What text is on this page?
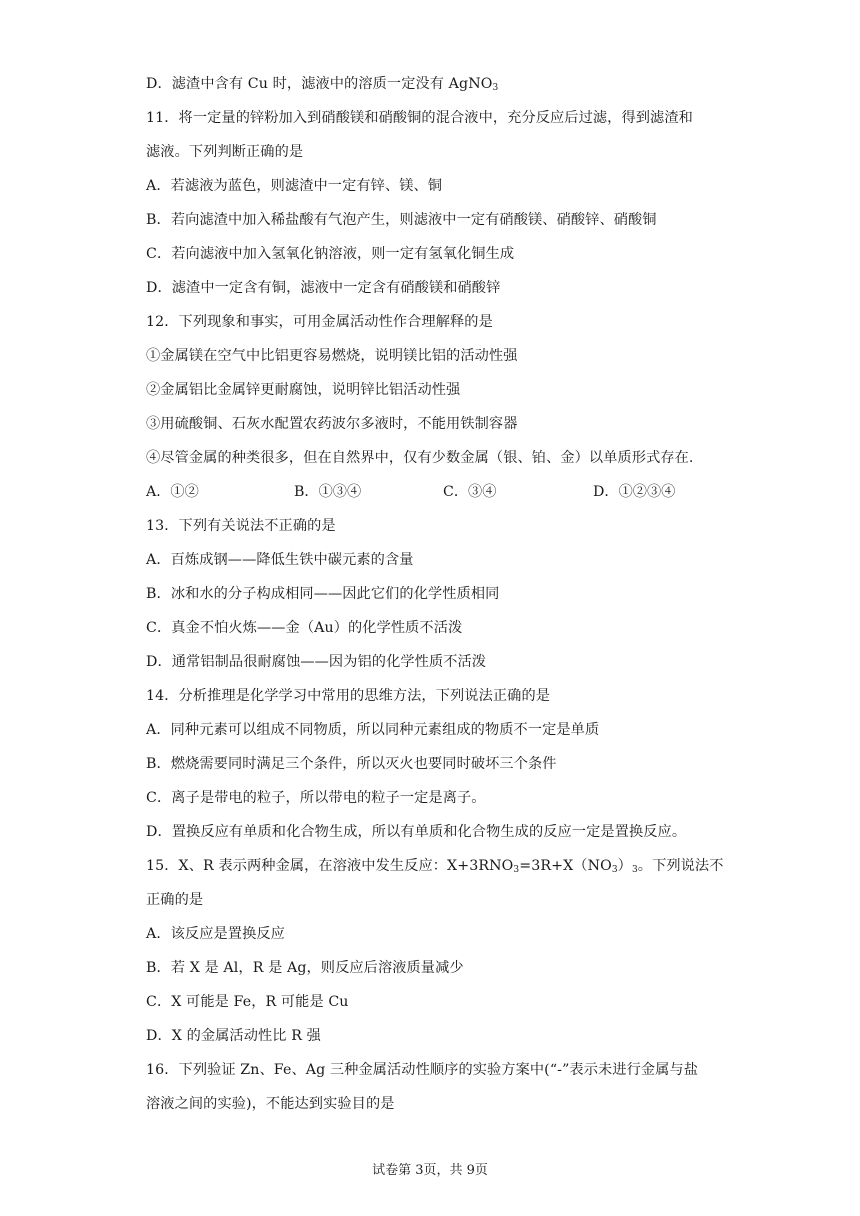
D．滤渣中含有 Cu 时，滤液中的溶质一定没有 AgNO$_3$
11．将一定量的锌粉加入到硝酸镁和硝酸铜的混合液中，充分反应后过滤，得到滤渣和
滤液。下列判断正确的是
A．若滤液为蓝色，则滤渣中一定有锌、镁、铜
B．若向滤渣中加入稀盐酸有气泡产生，则滤液中一定有硝酸镁、硝酸锌、硝酸铜
C．若向滤液中加入氢氧化钠溶液，则一定有氢氧化铜生成
D．滤渣中一定含有铜，滤液中一定含有硝酸镁和硝酸锌
12．下列现象和事实，可用金属活动性作合理解释的是
①金属镁在空气中比铝更容易燃烧，说明镁比铝的活动性强
②金属铝比金属锌更耐腐蚀，说明锌比铝活动性强
③用硫酸铜、石灰水配置农药波尔多液时，不能用铁制容器
④尽管金属的种类很多，但在自然界中，仅有少数金属（银、铂、金）以单质形式存在.
A．①②	B．①③④	C．③④	D．①②③④
13．下列有关说法不正确的是
A．百炼成钢——降低生铁中碳元素的含量
B．冰和水的分子构成相同——因此它们的化学性质相同
C．真金不怕火炼——金（Au）的化学性质不活泼
D．通常铝制品很耐腐蚀——因为铝的化学性质不活泼
14．分析推理是化学学习中常用的思维方法，下列说法正确的是
A．同种元素可以组成不同物质，所以同种元素组成的物质不一定是单质
B．燃烧需要同时满足三个条件，所以灭火也要同时破坏三个条件
C．离子是带电的粒子，所以带电的粒子一定是离子。
D．置换反应有单质和化合物生成，所以有单质和化合物生成的反应一定是置换反应。
15．X、R 表示两种金属，在溶液中发生反应：$X+3RNO_3=3R+X(NO_3)_3$。下列说法不
正确的是
A．该反应是置换反应
B．若 X 是 Al，R 是 Ag，则反应后溶液质量减少
C．X 可能是 Fe，R 可能是 Cu
D．X 的金属活动性比 R 强
16．下列验证 Zn、Fe、Ag 三种金属活动性顺序的实验方案中(“-”表示未进行金属与盐
溶液之间的实验)，不能达到实验目的是
试卷第 3页，共 9页
